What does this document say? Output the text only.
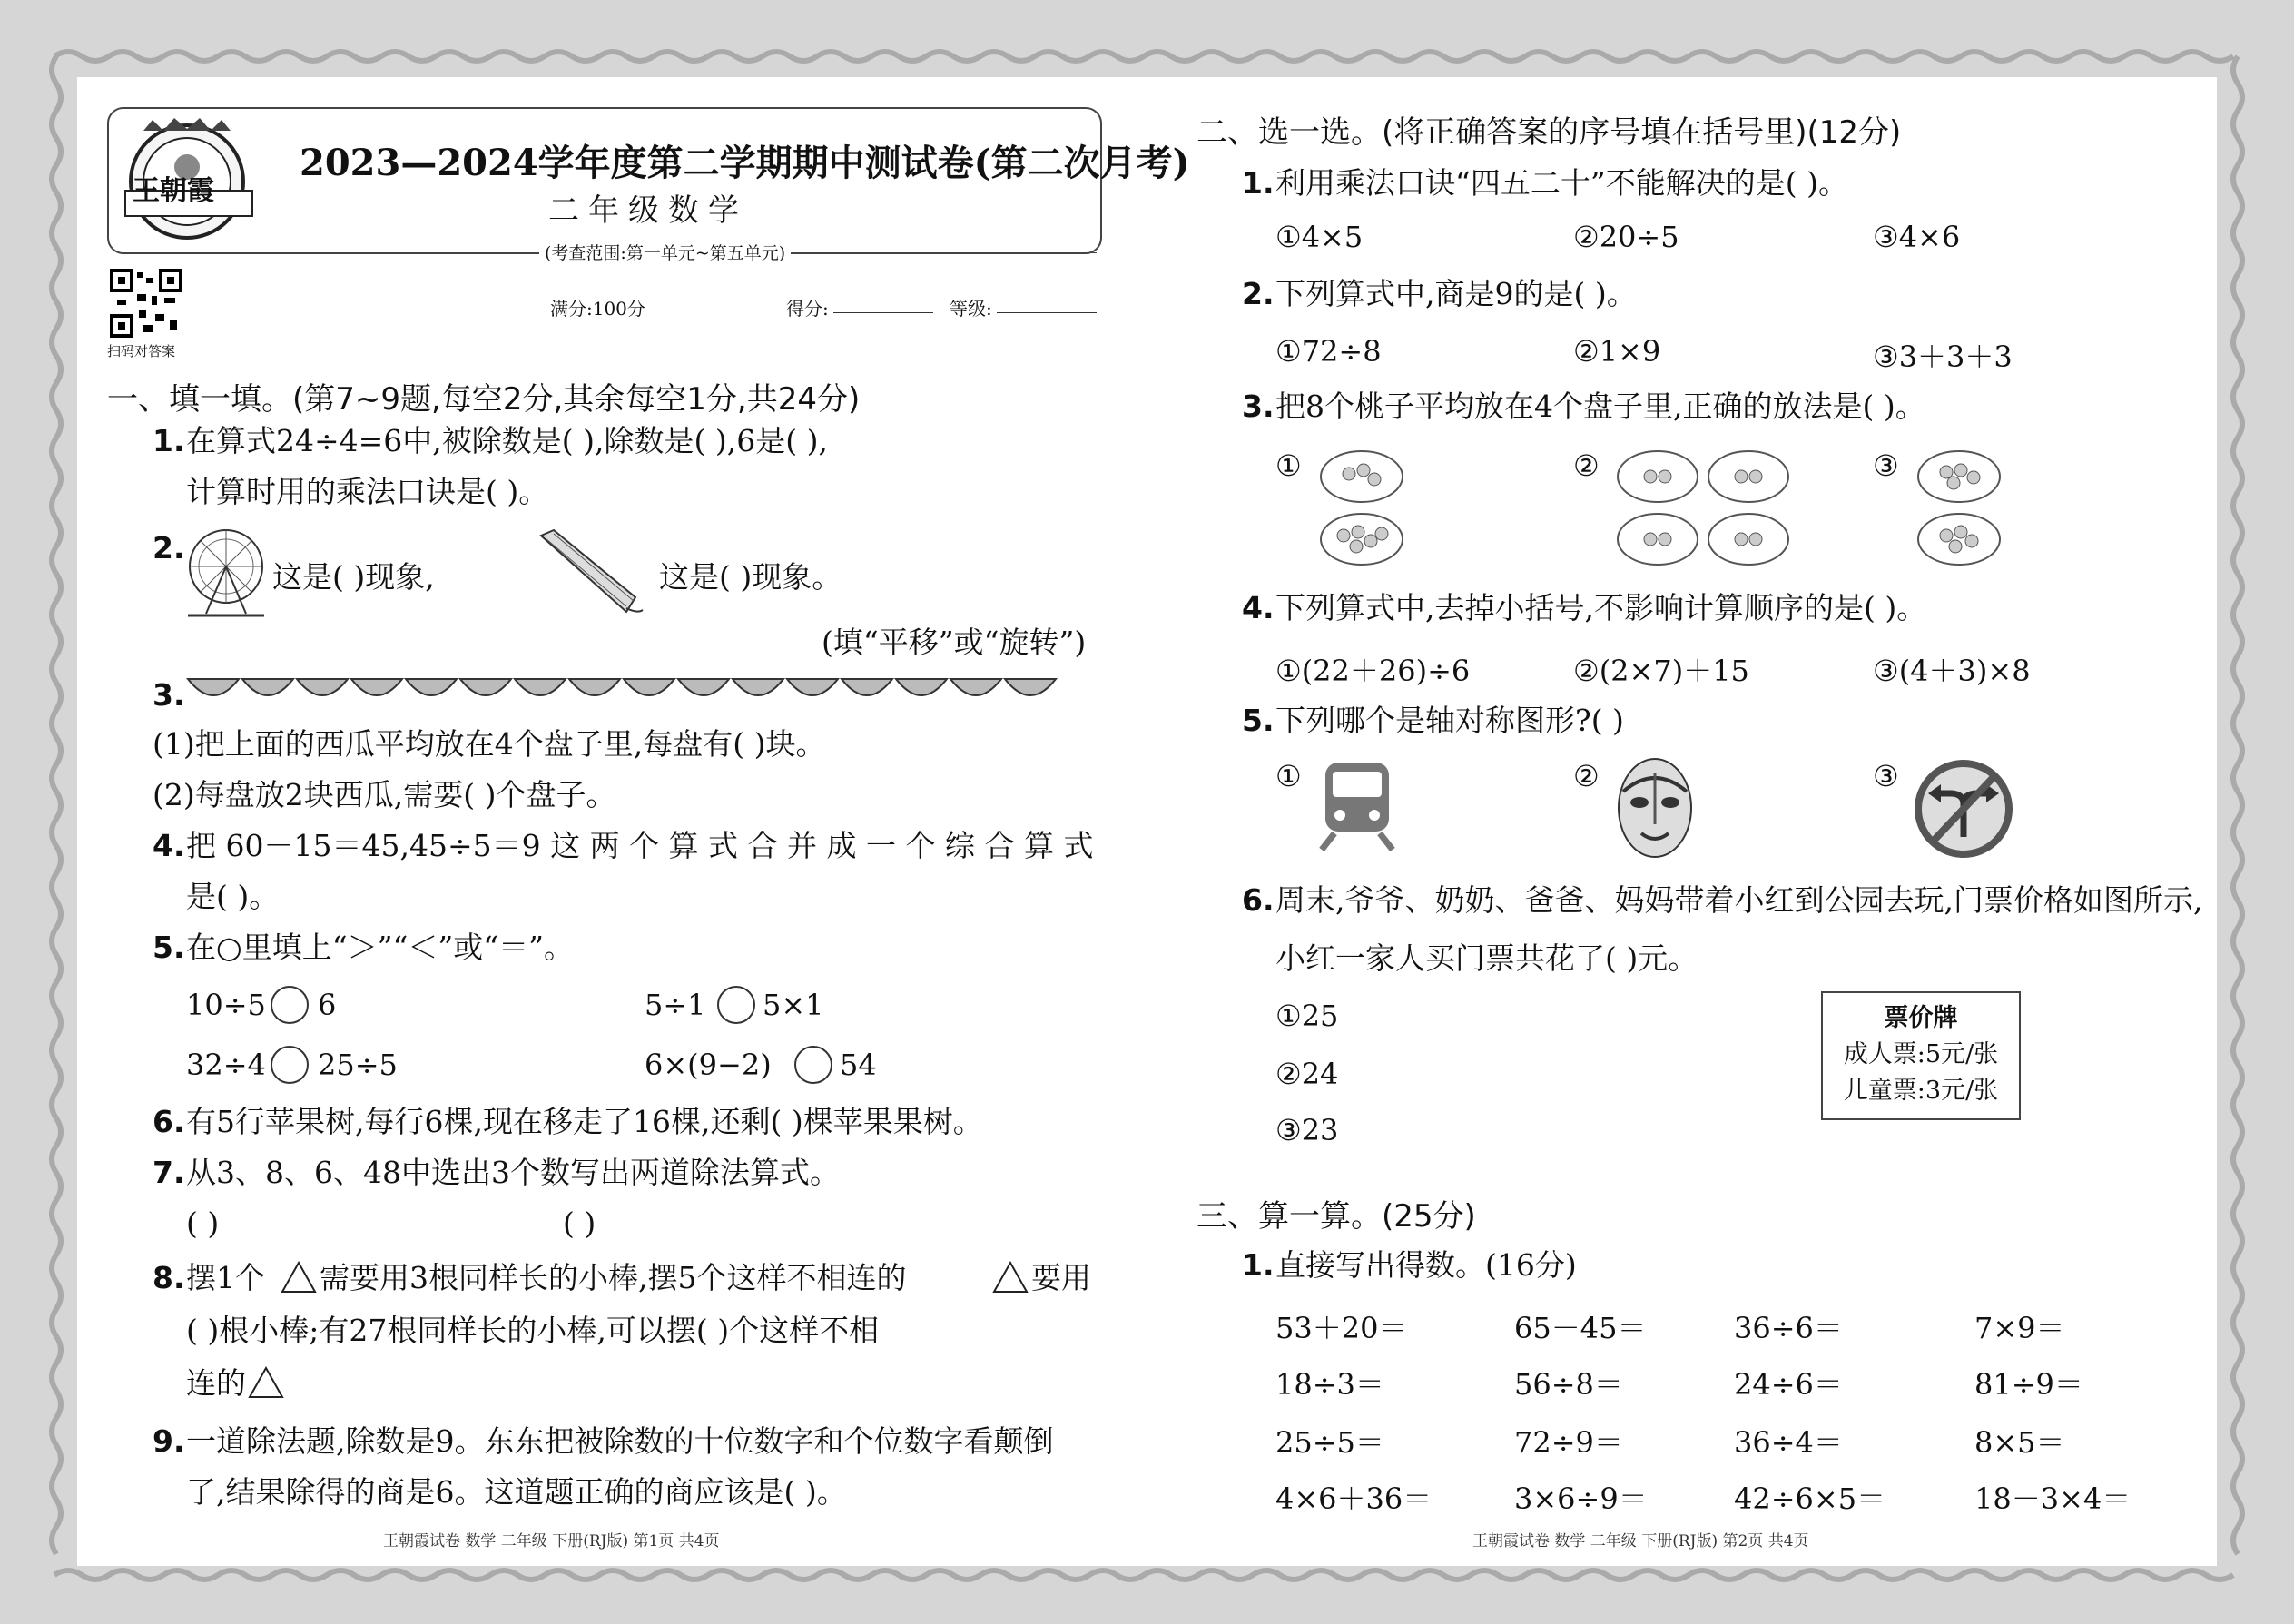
王朝霞
2023—2024学年度第二学期期中测试卷(第二次月考)
二年级数学
(考查范围:第一单元~第五单元)
扫码对答案
满分:100分	得分:	等级:
一、填一填。(第7~9题,每空2分,其余每空1分,共24分)
1. 在算式24÷4=6中,被除数是( ),除数是( ),6是( ),
计算时用的乘法口诀是( )。
2.
这是( )现象,	这是( )现象。
(填“平移”或“旋转”)
3.
(1)把上面的西瓜平均放在4个盘子里,每盘有( )块。
(2)每盘放2块西瓜,需要( )个盘子。
4. 把 60－15＝45,45÷5＝9 这 两 个 算 式 合 并 成 一 个 综 合 算 式
是( )。
5. 在○里填上“＞”“＜”或“＝”。
10÷5 6	5÷1 5×1
32÷4 25÷5	6×(9−2) 54
6. 有5行苹果树,每行6棵,现在移走了16棵,还剩( )棵苹果果树。
7. 从3、8、6、48中选出3个数写出两道除法算式。
( )	( )
8. 摆1个 需要用3根同样长的小棒,摆5个这样不相连的	要用
( )根小棒;有27根同样长的小棒,可以摆( )个这样不相
连的
9. 一道除法题,除数是9。东东把被除数的十位数字和个位数字看颠倒
了,结果除得的商是6。这道题正确的商应该是( )。
王朝霞试卷 数学 二年级 下册(RJ版) 第1页 共4页
二、选一选。(将正确答案的序号填在括号里)(12分)
1. 利用乘法口诀“四五二十”不能解决的是( )。
①4×5	②20÷5	③4×6
2. 下列算式中,商是9的是( )。
①72÷8	②1×9	③3＋3＋3
3. 把8个桃子平均放在4个盘子里,正确的放法是( )。
①	②	③
4. 下列算式中,去掉小括号,不影响计算顺序的是( )。
①(22＋26)÷6	②(2×7)＋15	③(4＋3)×8
5. 下列哪个是轴对称图形?( )
①	②	③
6. 周末,爷爷、奶奶、爸爸、妈妈带着小红到公园去玩,门票价格如图所示,
小红一家人买门票共花了( )元。
①25
②24
③23
票价牌
成人票:5元/张
儿童票:3元/张
三、算一算。(25分)
1. 直接写出得数。(16分)
53＋20＝	65－45＝	36÷6＝	7×9＝
18÷3＝	56÷8＝	24÷6＝	81÷9＝
25÷5＝	72÷9＝	36÷4＝	8×5＝
4×6＋36＝	3×6÷9＝	42÷6×5＝	18－3×4＝
王朝霞试卷 数学 二年级 下册(RJ版) 第2页 共4页
